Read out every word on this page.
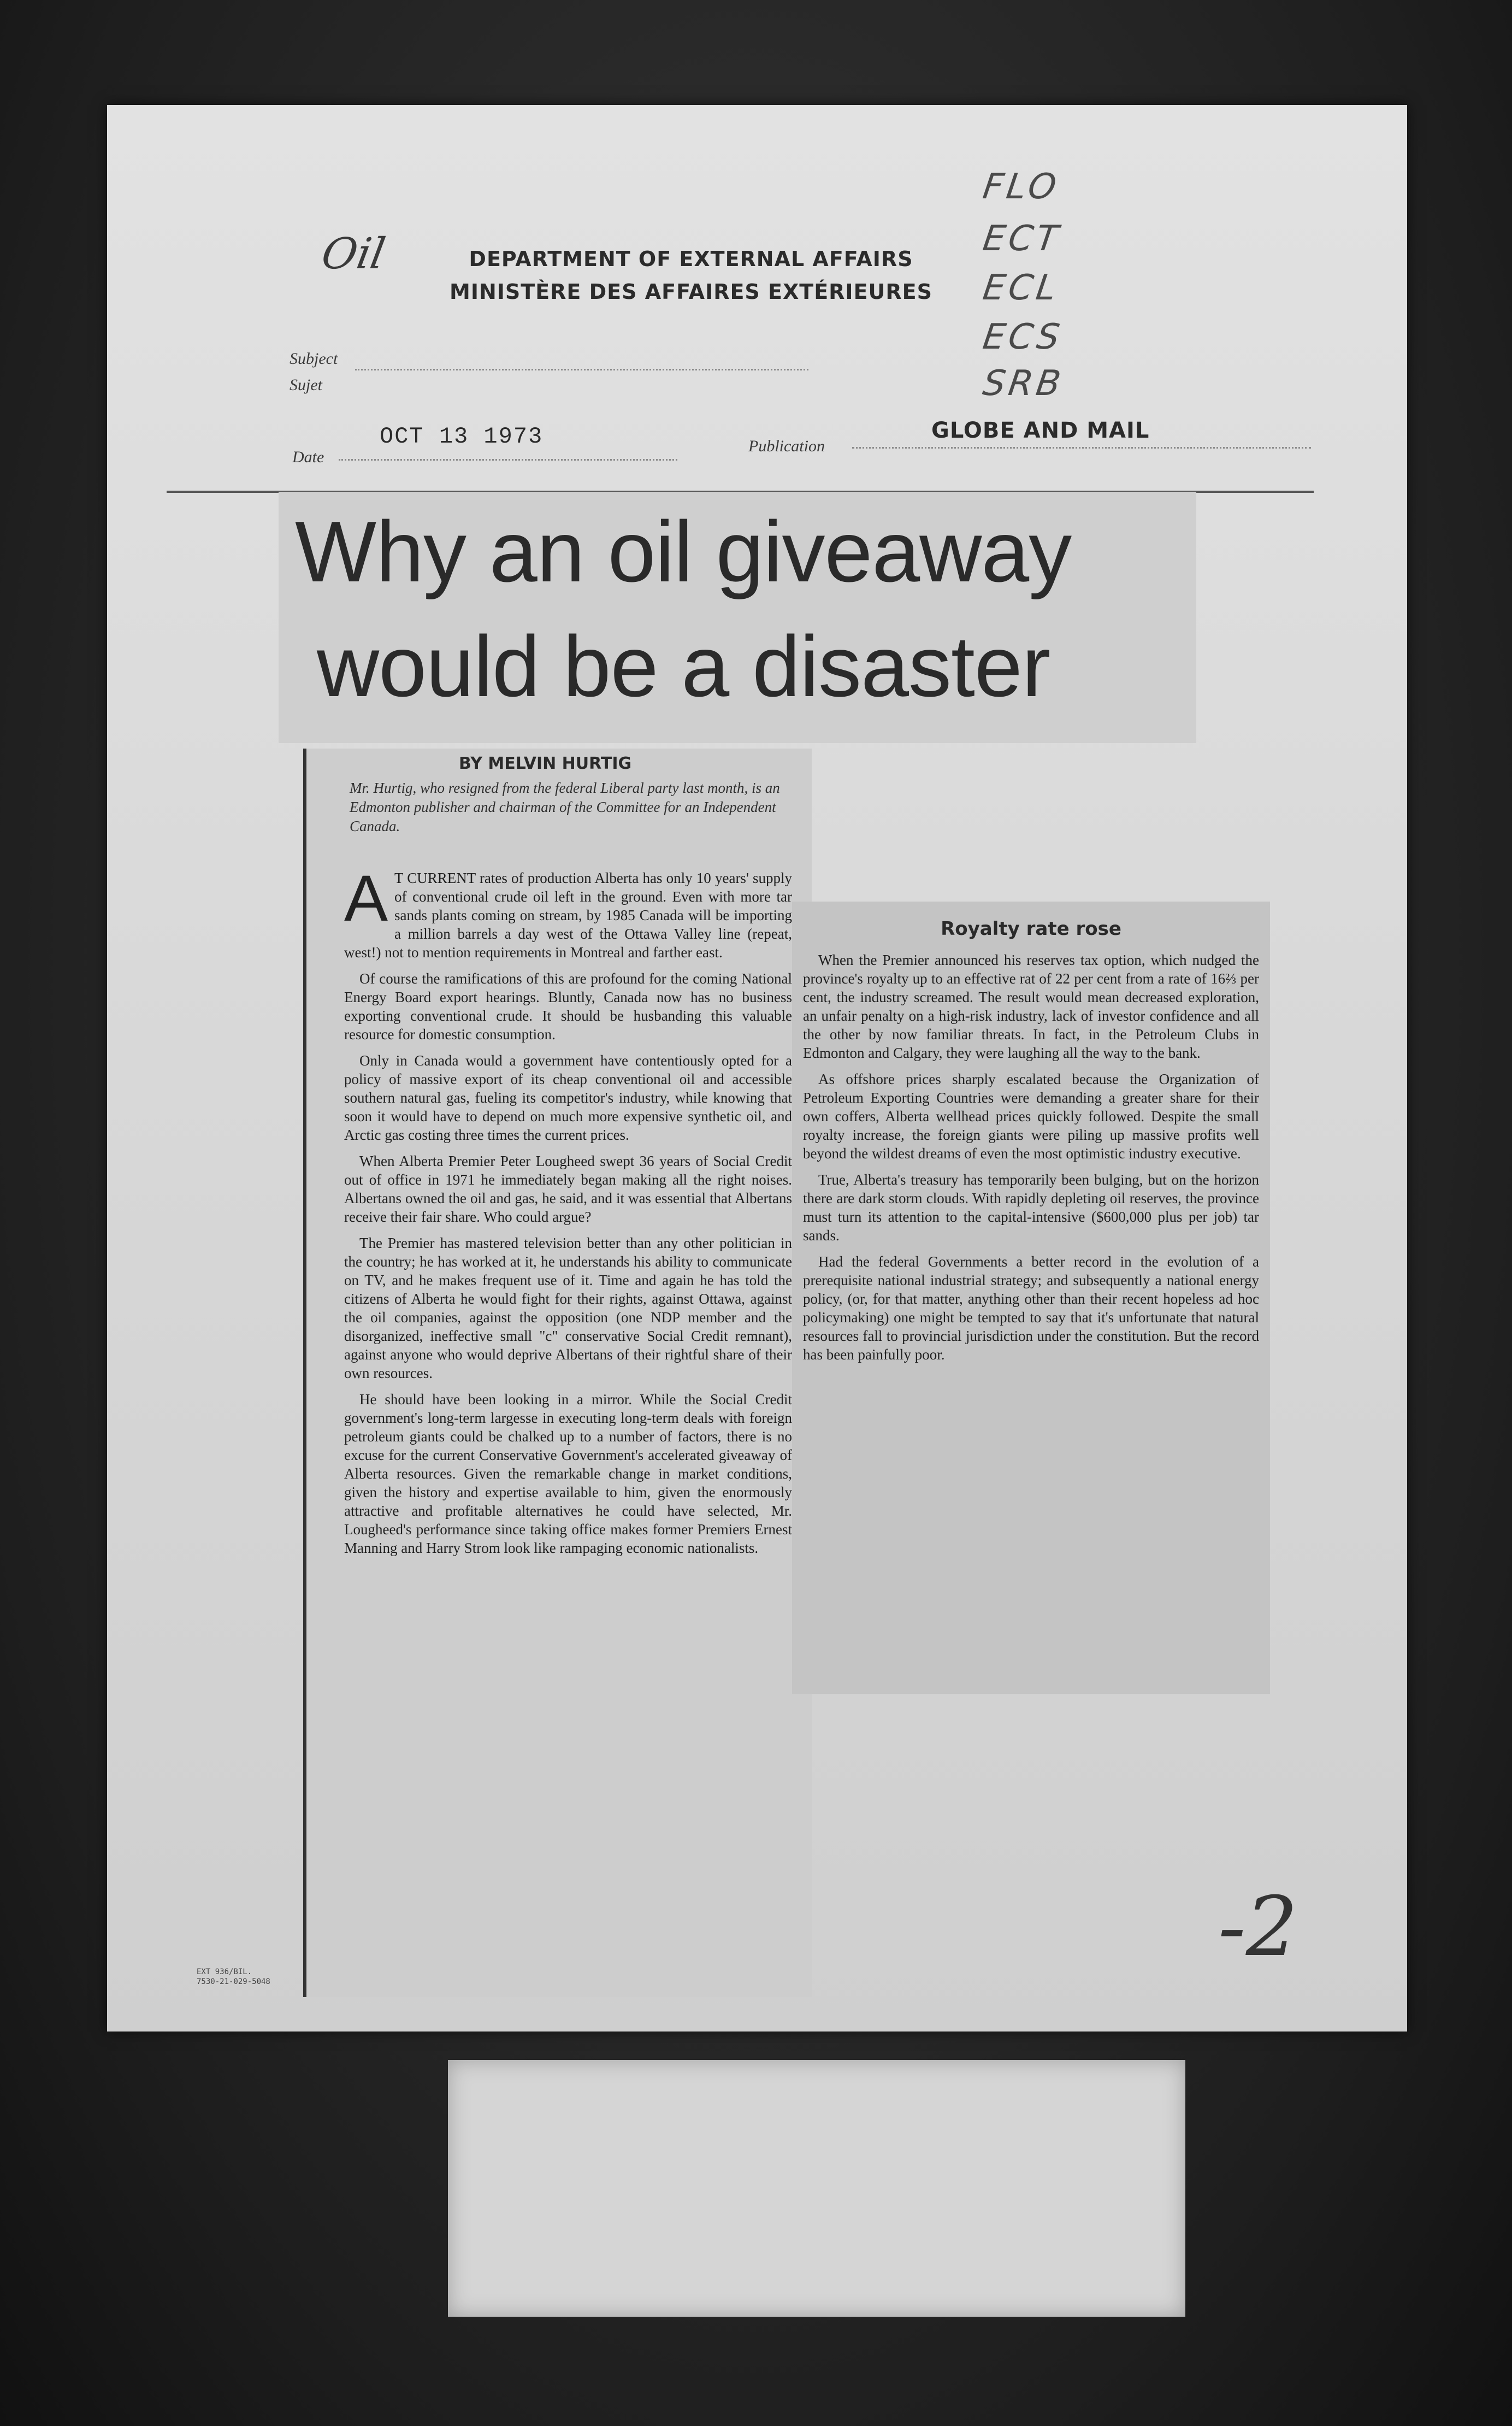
FLO
ECT
ECL
ECS
SRB
DEPARTMENT OF EXTERNAL AFFAIRS
MINISTÈRE DES AFFAIRES EXTÉRIEURES
Subject
Sujet
Oil
Date
OCT 13 1973	Publication
GLOBE AND MAIL
Why an oil giveaway
would be a disaster
BY MELVIN HURTIG
Mr. Hurtig, who resigned from the federal Liberal party last month, is an Edmonton publisher and chairman of the Committee for an Independent Canada.

A T CURRENT rates of production Alberta has only 10 years' supply of conventional crude oil left in the ground. Even with more tar sands plants coming on stream, by 1985 Canada will be importing a million barrels a day west of the Ottawa Valley line (repeat, west!) not to mention requirements in Montreal and farther east.

Of course the ramifications of this are profound for the coming National Energy Board export hearings. Bluntly, Canada now has no business exporting conventional crude. It should be husbanding this valuable resource for domestic consumption.

Only in Canada would a government have contentiously opted for a policy of massive export of its cheap conventional oil and accessible southern natural gas, fueling its competitor's industry, while knowing that soon it would have to depend on much more expensive synthetic oil, and Arctic gas costing three times the current prices.

When Alberta Premier Peter Lougheed swept 36 years of Social Credit out of office in 1971 he immediately began making all the right noises. Albertans owned the oil and gas, he said, and it was essential that Albertans receive their fair share. Who could argue?

The Premier has mastered television better than any other politician in the country; he has worked at it, he understands his ability to communicate on TV, and he makes frequent use of it. Time and again he has told the citizens of Alberta he would fight for their rights, against Ottawa, against the oil companies, against the opposition (one NDP member and the disorganized, ineffective small "c" conservative Social Credit remnant), against anyone who would deprive Albertans of their rightful share of their own resources.

He should have been looking in a mirror. While the Social Credit government's long-term largesse in executing long-term deals with foreign petroleum giants could be chalked up to a number of factors, there is no excuse for the current Conservative Government's accelerated giveaway of Alberta resources. Given the remarkable change in market conditions, given the history and expertise available to him, given the enormously attractive and profitable alternatives he could have selected, Mr. Lougheed's performance since taking office makes former Premiers Ernest Manning and Harry Strom look like rampaging economic nationalists.

Royalty rate rose

When the Premier announced his reserves tax option, which nudged the province's royalty up to an effective rat of 22 per cent from a rate of 16⅔ per cent, the industry screamed. The result would mean decreased exploration, an unfair penalty on a high-risk industry, lack of investor confidence and all the other by now familiar threats. In fact, in the Petroleum Clubs in Edmonton and Calgary, they were laughing all the way to the bank.

As offshore prices sharply escalated because the Organization of Petroleum Exporting Countries were demanding a greater share for their own coffers, Alberta wellhead prices quickly followed. Despite the small royalty increase, the foreign giants were piling up massive profits well beyond the wildest dreams of even the most optimistic industry executive.

True, Alberta's treasury has temporarily been bulging, but on the horizon there are dark storm clouds. With rapidly depleting oil reserves, the province must turn its attention to the capital-intensive ($600,000 plus per job) tar sands.

Had the federal Governments a better record in the evolution of a prerequisite national industrial strategy; and subsequently a national energy policy, (or, for that matter, anything other than their recent hopeless ad hoc policymaking) one might be tempted to say that it's unfortunate that natural resources fall to provincial jurisdiction under the constitution. But the record has been painfully poor.

EXT 936/BIL.
7530-21-029-5048
-2
